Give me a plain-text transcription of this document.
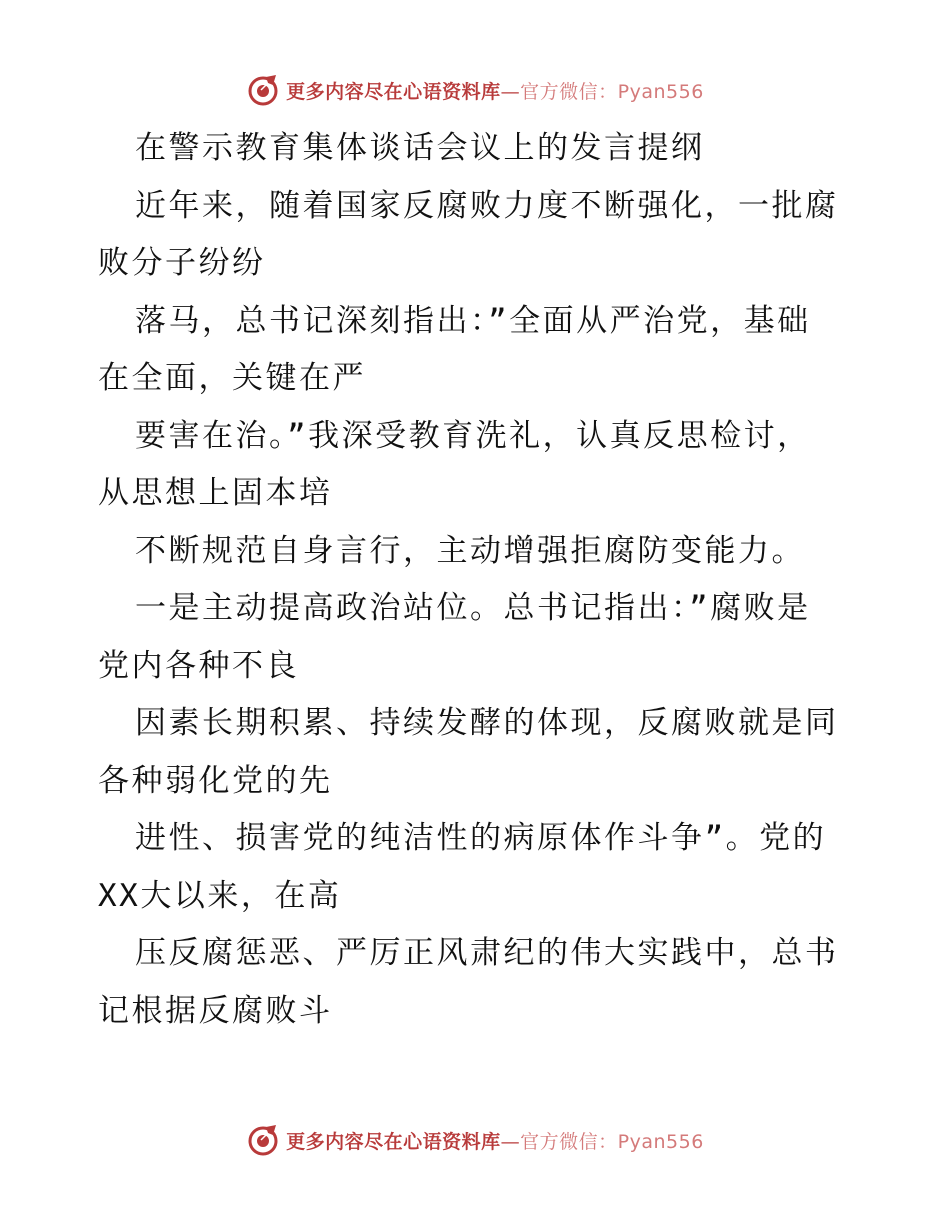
更多内容尽在心语资料库—官方微信：Pyan556
在警示教育集体谈话会议上的发言提纲
近年来，随着国家反腐败力度不断强化，一批腐
败分子纷纷
落马，总书记深刻指出：”全面从严治党，基础
在全面，关键在严
要害在治。”我深受教育洗礼，认真反思检讨，
从思想上固本培
不断规范自身言行，主动增强拒腐防变能力。
一是主动提高政治站位。总书记指出：”腐败是
党内各种不良
因素长期积累、持续发酵的体现，反腐败就是同
各种弱化党的先
进性、损害党的纯洁性的病原体作斗争”。党的
XX大以来，在高
压反腐惩恶、严厉正风肃纪的伟大实践中，总书
记根据反腐败斗
更多内容尽在心语资料库—官方微信：Pyan556
